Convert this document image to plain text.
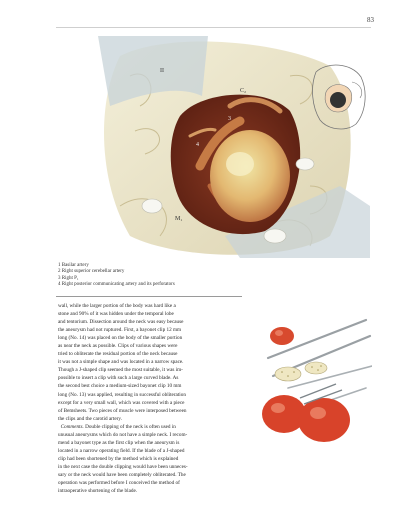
83
II
C₂
3
4
M₁
1 Basilar artery
2 Right superior cerebellar artery
3 Right P₁
4 Right posterior communicating artery and its perforators
wall, while the larger portion of the body was hard like a
stone and 90% of it was hidden under the temporal lobe
and tentorium. Dissection around the neck was easy because
the aneurysm had not ruptured. First, a bayonet clip 12 mm
long (No. 14) was placed on the body of the smaller portion
as near the neck as possible. Clips of various shapes were
tried to obliterate the residual portion of the neck because
it was not a simple shape and was located in a narrow space.
Though a J-shaped clip seemed the most suitable, it was im-
possible to insert a clip with such a large curved blade. As
the second best choice a medium-sized bayonet clip 10 mm
long (No. 13) was applied, resulting in successful obliteration
except for a very small wall, which was covered with a piece
of Bemsheets. Two pieces of muscle were interposed between
the clips and the carotid artery.
 Comments. Double clipping of the neck is often used in
unusual aneurysms which do not have a simple neck. I recom-
mend a bayonet type as the first clip when the aneurysm is
located in a narrow operating field. If the blade of a J-shaped
clip had been shortened by the method which is explained
in the next case the double clipping would have been unneces-
sary or the neck would have been completely obliterated. The
operation was performed before I conceived the method of
intraoperative shortening of the blade.
